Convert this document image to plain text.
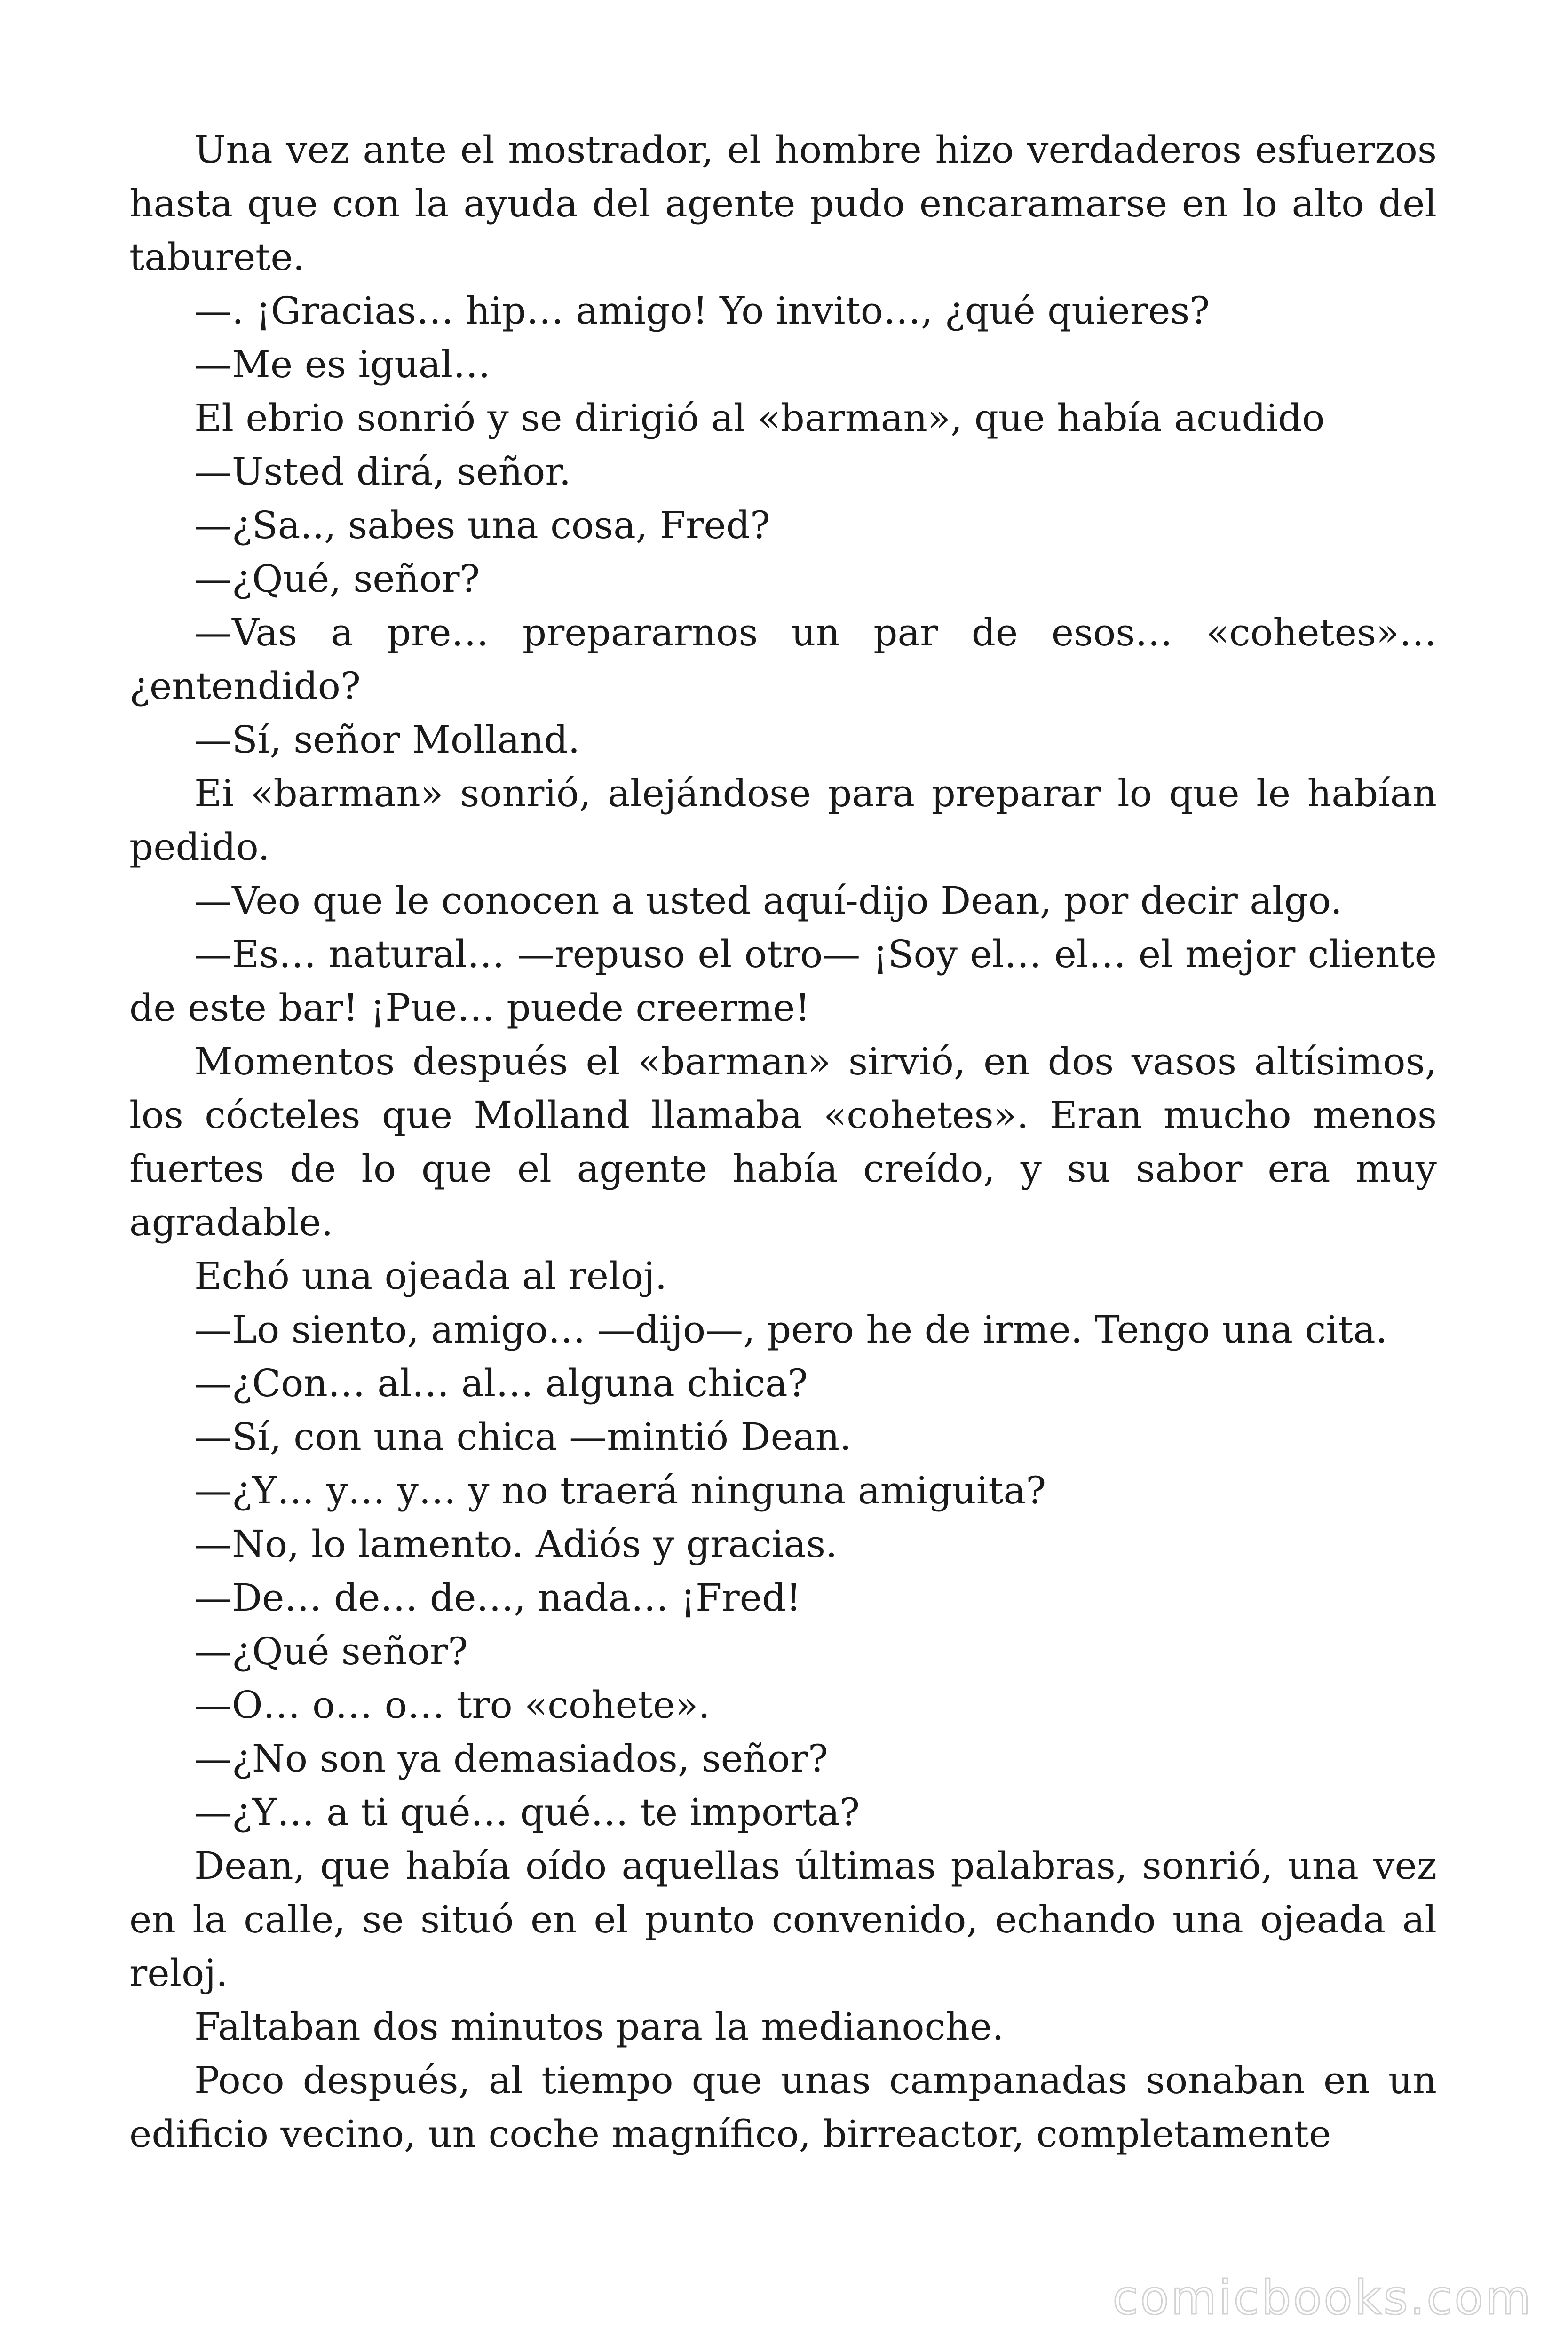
Una vez ante el mostrador, el hombre hizo verdaderos esfuerzos hasta que con la ayuda del agente pudo encaramarse en lo alto del taburete.

—. ¡Gracias… hip… amigo! Yo invito…, ¿qué quieres?

—Me es igual…

El ebrio sonrió y se dirigió al «barman», que había acudido

—Usted dirá, señor.

—¿Sa.., sabes una cosa, Fred?

—¿Qué, señor?

—Vas a pre… prepararnos un par de esos… «cohetes»… ¿entendido?

—Sí, señor Molland.

Ei «barman» sonrió, alejándose para preparar lo que le habían pedido.

—Veo que le conocen a usted aquí-dijo Dean, por decir algo.

—Es… natural… —repuso el otro— ¡Soy el… el… el mejor cliente de este bar! ¡Pue… puede creerme!

Momentos después el «barman» sirvió, en dos vasos altísimos, los cócteles que Molland llamaba «cohetes». Eran mucho menos fuertes de lo que el agente había creído, y su sabor era muy agradable.

Echó una ojeada al reloj.

—Lo siento, amigo… —dijo—, pero he de irme. Tengo una cita.

—¿Con… al… al… alguna chica?

—Sí, con una chica —mintió Dean.

—¿Y… y… y… y no traerá ninguna amiguita?

—No, lo lamento. Adiós y gracias.

—De… de… de…, nada… ¡Fred!

—¿Qué señor?

—O… o… o… tro «cohete».

—¿No son ya demasiados, señor?

—¿Y… a ti qué… qué… te importa?

Dean, que había oído aquellas últimas palabras, sonrió, una vez en la calle, se situó en el punto convenido, echando una ojeada al reloj.

Faltaban dos minutos para la medianoche.

Poco después, al tiempo que unas campanadas sonaban en un edificio vecino, un coche magnífico, birreactor, completamente

comicbooks.com
